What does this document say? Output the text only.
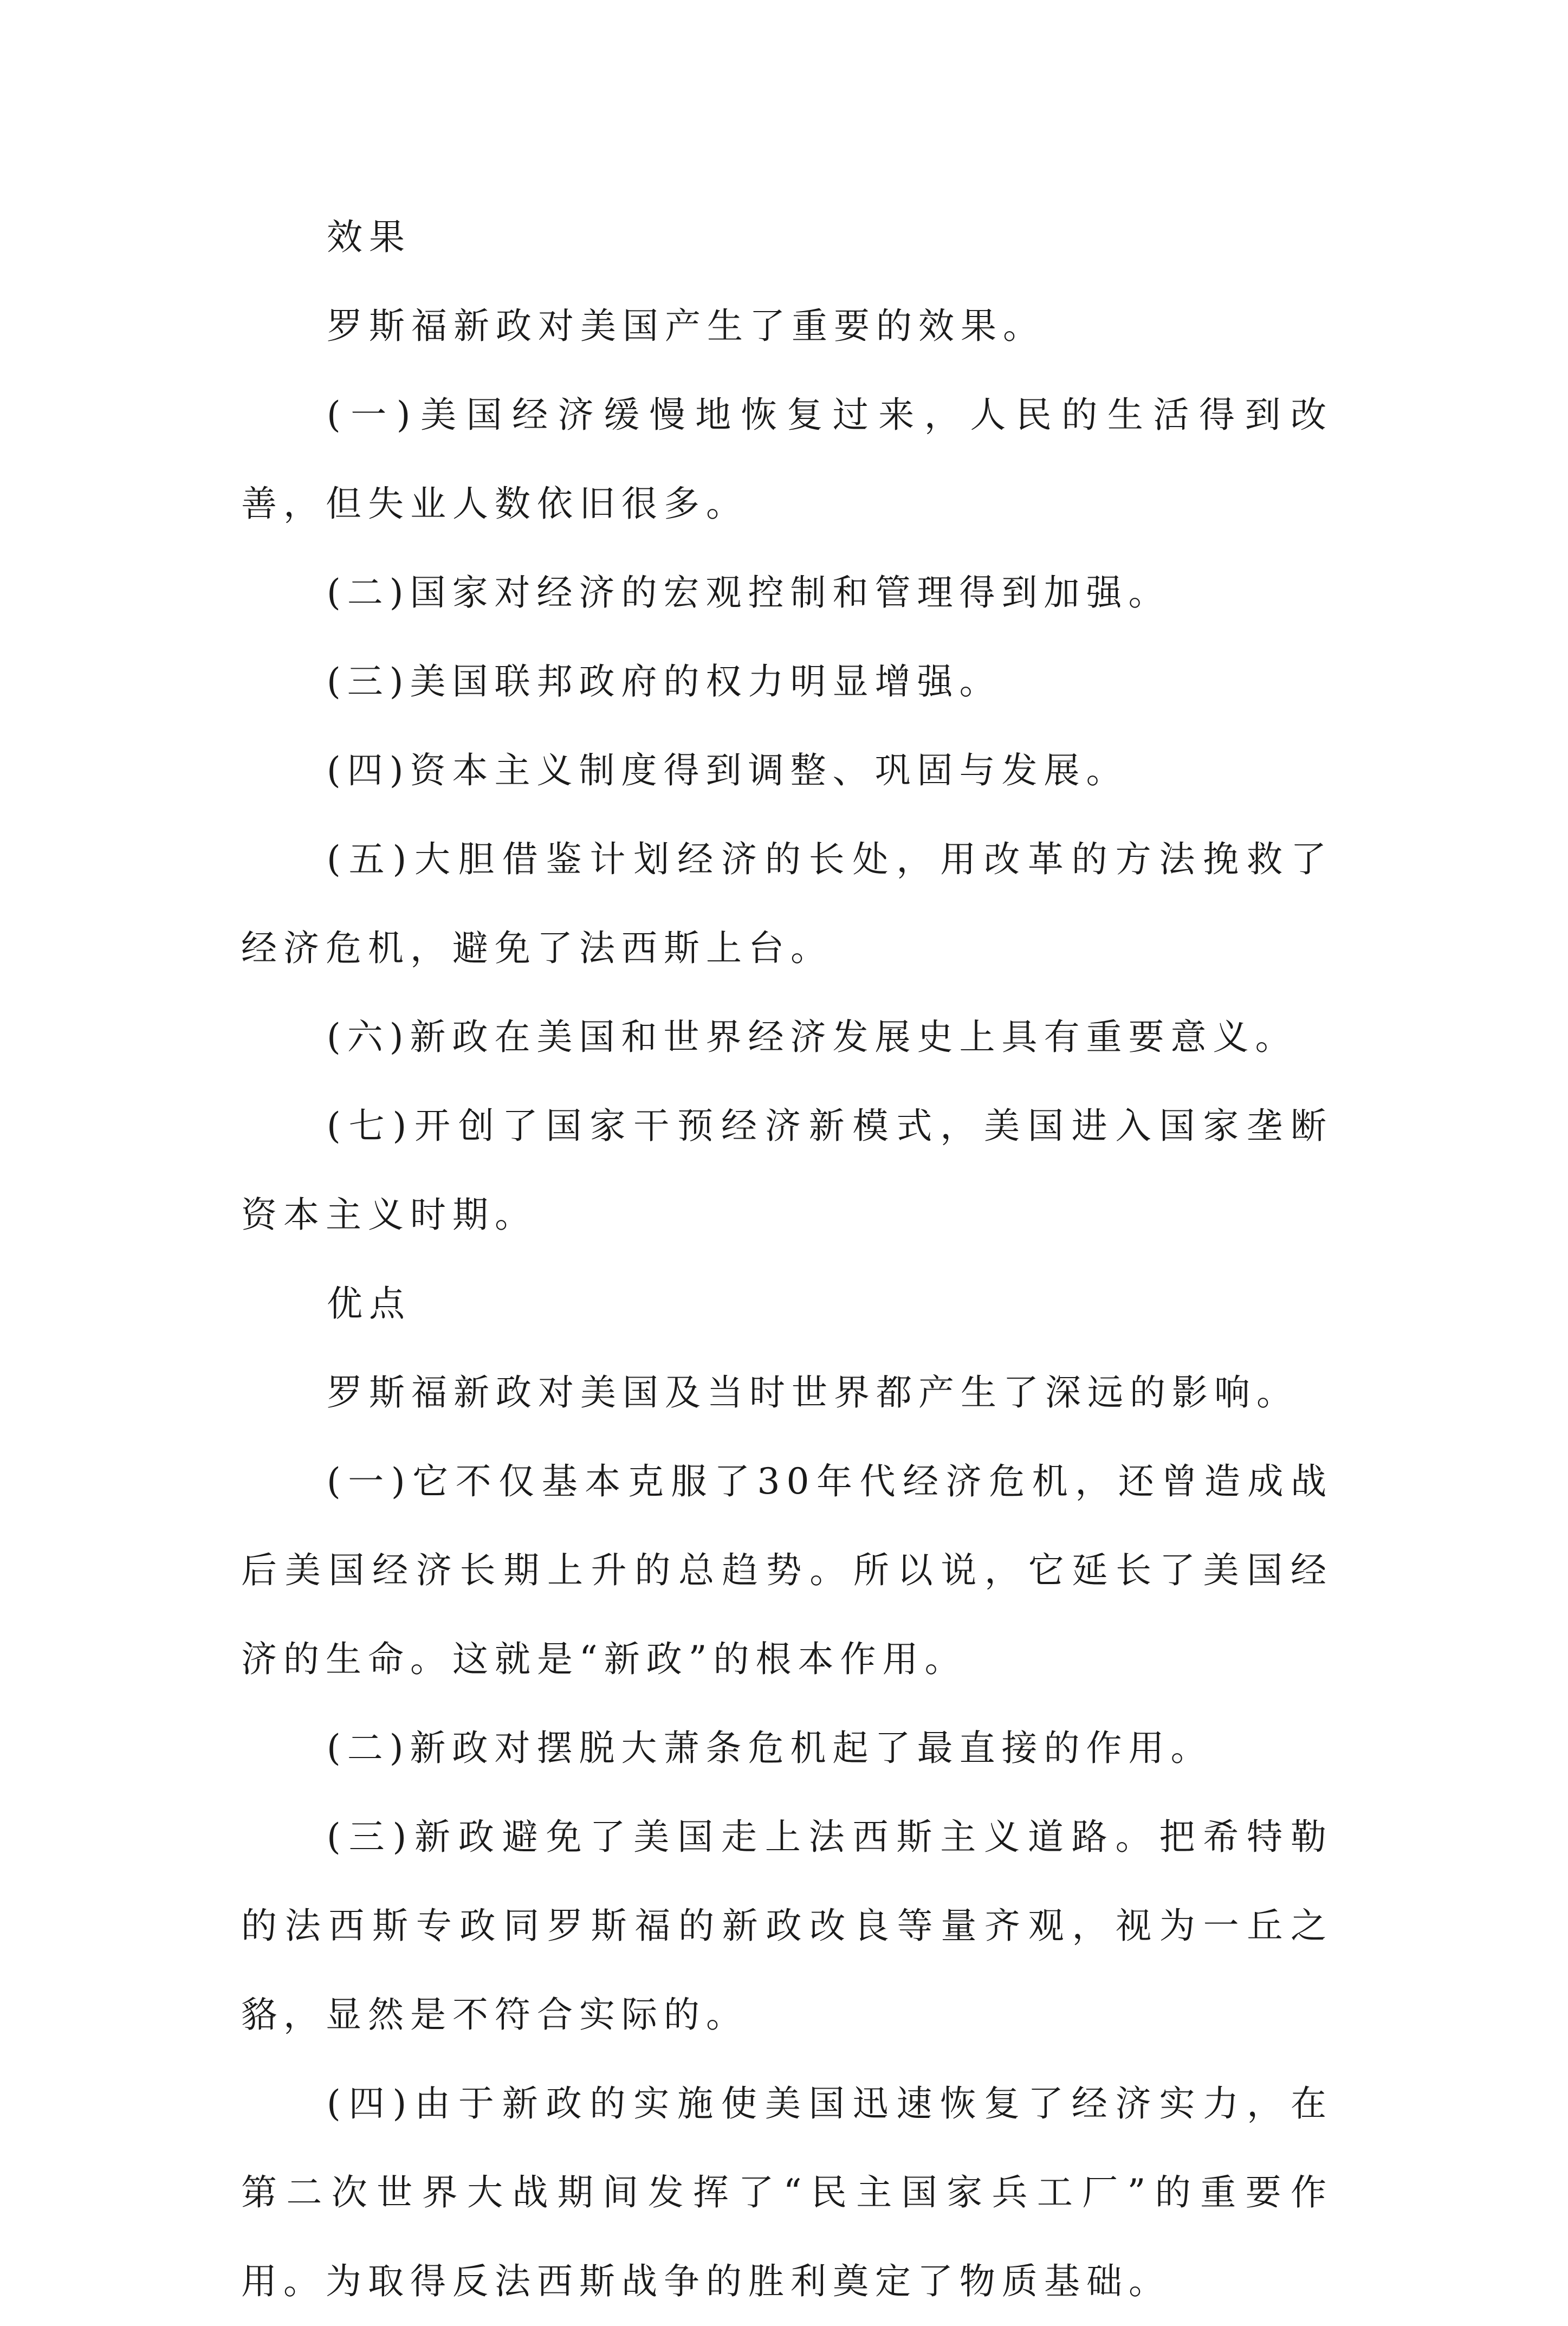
效果

罗斯福新政对美国产生了重要的效果。

(一)美国经济缓慢地恢复过来，人民的生活得到改善，但失业人数依旧很多。

(二)国家对经济的宏观控制和管理得到加强。

(三)美国联邦政府的权力明显增强。

(四)资本主义制度得到调整、巩固与发展。

(五)大胆借鉴计划经济的长处，用改革的方法挽救了经济危机，避免了法西斯上台。

(六)新政在美国和世界经济发展史上具有重要意义。

(七)开创了国家干预经济新模式，美国进入国家垄断资本主义时期。

优点

罗斯福新政对美国及当时世界都产生了深远的影响。

(一)它不仅基本克服了30年代经济危机，还曾造成战后美国经济长期上升的总趋势。所以说，它延长了美国经济的生命。这就是“新政”的根本作用。

(二)新政对摆脱大萧条危机起了最直接的作用。

(三)新政避免了美国走上法西斯主义道路。把希特勒的法西斯专政同罗斯福的新政改良等量齐观，视为一丘之貉，显然是不符合实际的。

(四)由于新政的实施使美国迅速恢复了经济实力，在第二次世界大战期间发挥了“民主国家兵工厂”的重要作用。为取得反法西斯战争的胜利奠定了物质基础。
